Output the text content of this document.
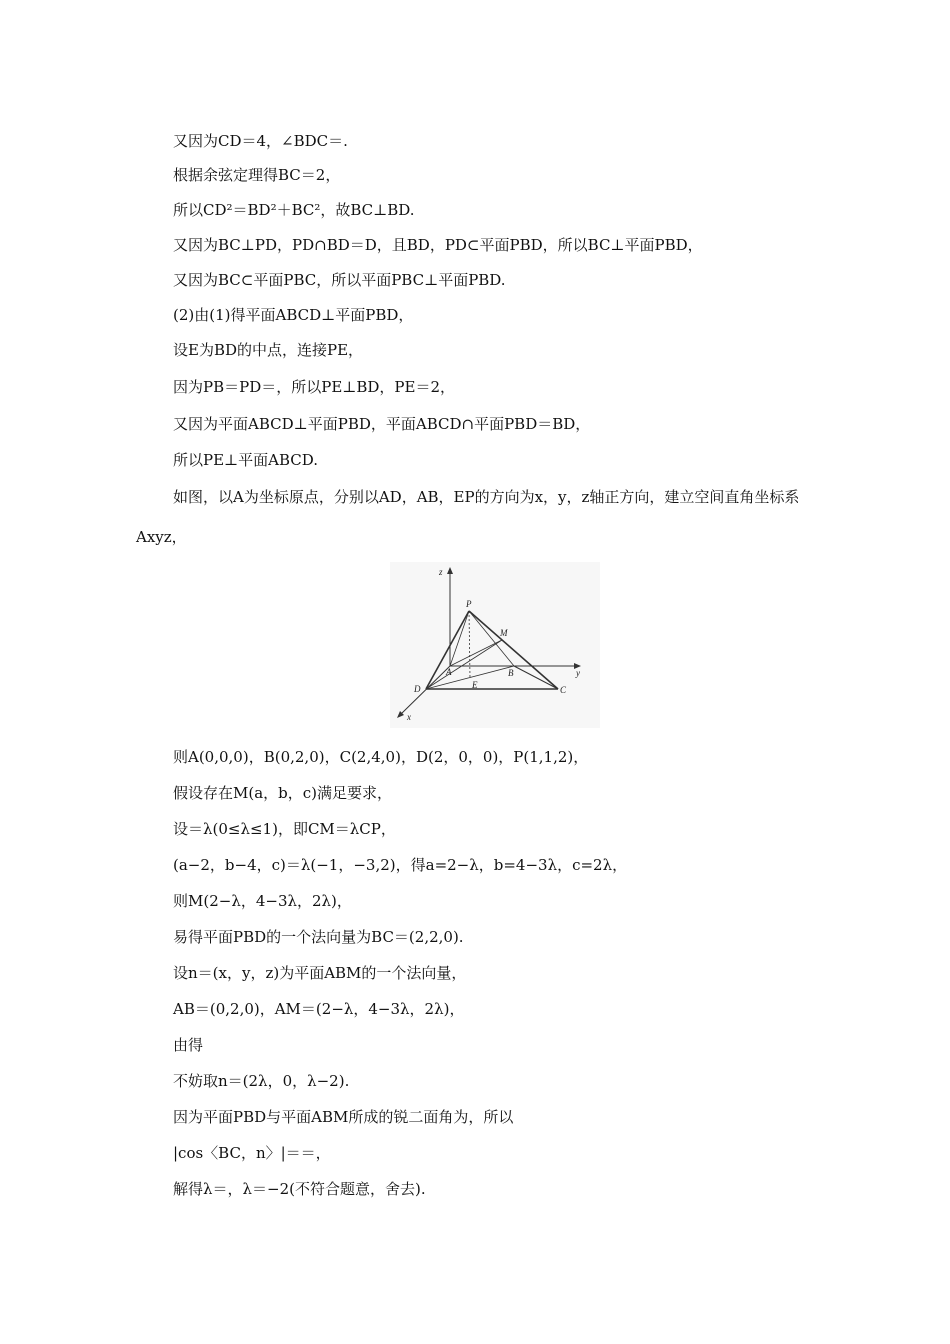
又因为CD＝4，∠BDC＝.
根据余弦定理得BC＝2，
所以CD²＝BD²＋BC²，故BC⊥BD.
又因为BC⊥PD，PD∩BD＝D，且BD，PD⊂平面PBD，所以BC⊥平面PBD，
又因为BC⊂平面PBC，所以平面PBC⊥平面PBD.
(2)由(1)得平面ABCD⊥平面PBD，
设E为BD的中点，连接PE，
因为PB＝PD＝，所以PE⊥BD，PE＝2，
又因为平面ABCD⊥平面PBD，平面ABCD∩平面PBD＝BD，
所以PE⊥平面ABCD.
如图，以A为坐标原点，分别以AD，AB，EP的方向为x，y，z轴正方向，建立空间直角坐标系
Axyz，
z
y
x
P
M
A	B
D	E	C
则A(0,0,0)，B(0,2,0)，C(2,4,0)，D(2，0，0)，P(1,1,2)，
假设存在M(a，b，c)满足要求，
设＝λ(0≤λ≤1)，即CM＝λCP，
(a−2，b−4，c)＝λ(−1，−3,2)，得a=2−λ，b=4−3λ，c=2λ，
则M(2−λ，4−3λ，2λ)，
易得平面PBD的一个法向量为BC＝(2,2,0).
设n＝(x，y，z)为平面ABM的一个法向量，
AB＝(0,2,0)，AM＝(2−λ，4−3λ，2λ)，
由得
不妨取n＝(2λ，0，λ−2).
因为平面PBD与平面ABM所成的锐二面角为，所以
|cos〈BC，n〉|＝＝，
解得λ＝，λ＝−2(不符合题意，舍去).
